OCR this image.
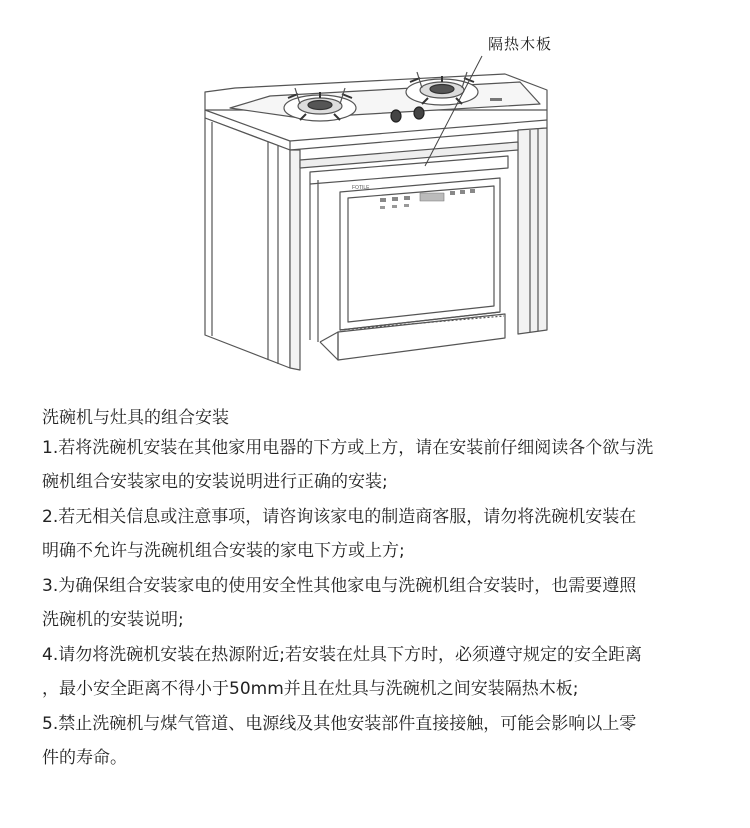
FOTILE
隔热木板
洗碗机与灶具的组合安装

1.若将洗碗机安装在其他家用电器的下方或上方，请在安装前仔细阅读各个欲与洗
碗机组合安装家电的安装说明进行正确的安装;

2.若无相关信息或注意事项，请咨询该家电的制造商客服，请勿将洗碗机安装在
明确不允许与洗碗机组合安装的家电下方或上方;

3.为确保组合安装家电的使用安全性其他家电与洗碗机组合安装时，也需要遵照
洗碗机的安装说明;

4.请勿将洗碗机安装在热源附近;若安装在灶具下方时，必须遵守规定的安全距离
，最小安全距离不得小于50mm并且在灶具与洗碗机之间安装隔热木板;

5.禁止洗碗机与煤气管道、电源线及其他安装部件直接接触，可能会影响以上零
件的寿命。
